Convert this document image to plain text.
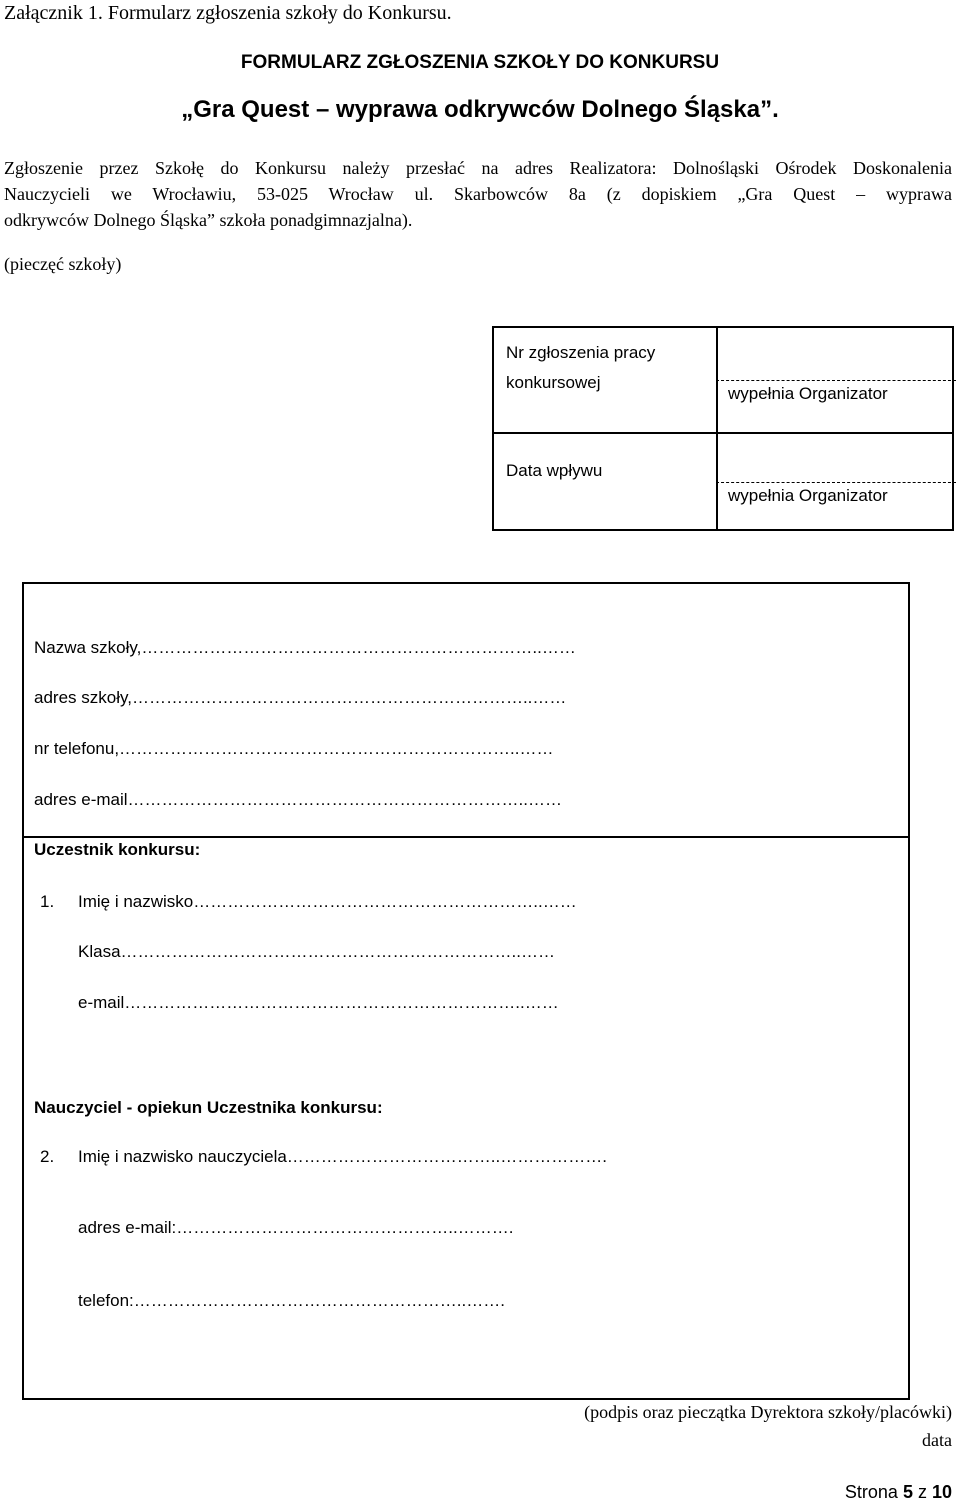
Załącznik 1. Formularz zgłoszenia szkoły do Konkursu.
FORMULARZ ZGŁOSZENIA SZKOŁY DO KONKURSU
„Gra Quest – wyprawa odkrywców Dolnego Śląska”.
Zgłoszenie przez Szkołę do Konkursu należy przesłać na adres Realizatora: Dolnośląski Ośrodek Doskonalenia
Nauczycieli we Wrocławiu, 53-025 Wrocław ul. Skarbowców 8a (z dopiskiem „Gra Quest – wyprawa
odkrywców Dolnego Śląska” szkoła ponadgimnazjalna).
(pieczęć szkoły)
Nr zgłoszenia pracy
konkursowej
wypełnia Organizator
Data wpływu
wypełnia Organizator
Nazwa szkoły,……………………………………………………………..……
adres szkoły,……………………………………………………………..……
nr telefonu,……………………………………………………………..……
adres e-mail……………………………………………………………..……
Uczestnik konkursu:
1. Imię i nazwisko……………………………………………………..……
Klasa……………………………………………………………..……
e-mail……………………………………………………………..……
Nauczyciel - opiekun Uczestnika konkursu:
2. Imię i nazwisko nauczyciela………………………………..……………….
adres e-mail:…………………………………………..……….
telefon:…………………………………………………..…….
(podpis oraz pieczątka Dyrektora szkoły/placówki)
data
Strona 5 z 10
